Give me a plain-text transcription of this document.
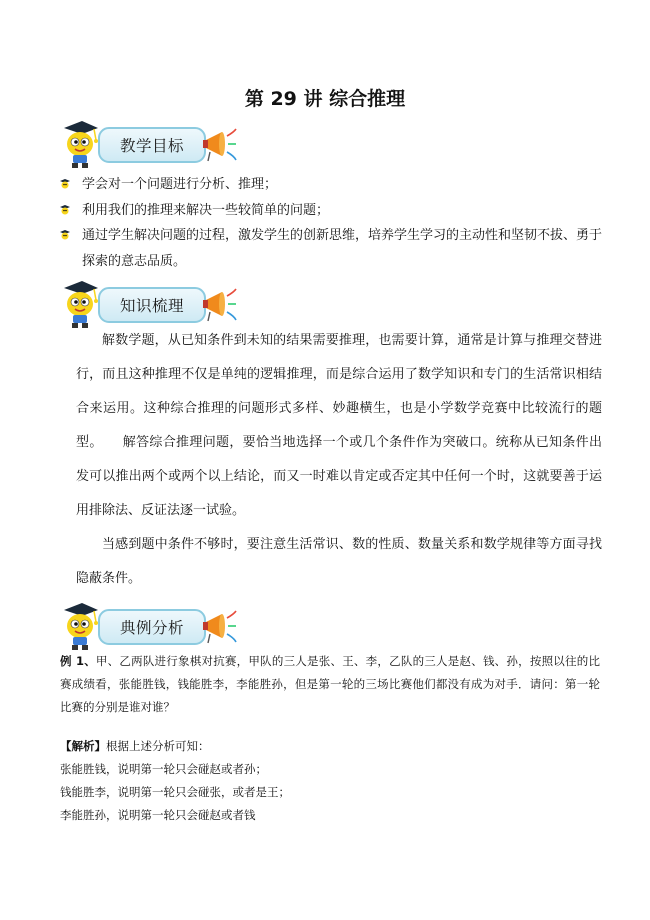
第 29 讲 综合推理
教学目标
学会对一个问题进行分析、推理；
利用我们的推理来解决一些较简单的问题；
通过学生解决问题的过程，激发学生的创新思维，培养学生学习的主动性和坚韧不拔、勇于探索的意志品质。
知识梳理
解数学题，从已知条件到未知的结果需要推理，也需要计算，通常是计算与推理交替进行，而且这种推理不仅是单纯的逻辑推理，而是综合运用了数学知识和专门的生活常识相结合来运用。这种综合推理的问题形式多样、妙趣横生，也是小学数学竞赛中比较流行的题型。　　解答综合推理问题，要恰当地选择一个或几个条件作为突破口。统称从已知条件出发可以推出两个或两个以上结论，而又一时难以肯定或否定其中任何一个时，这就要善于运用排除法、反证法逐一试验。
当感到题中条件不够时，要注意生活常识、数的性质、数量关系和数学规律等方面寻找隐蔽条件。
典例分析
例 1、甲、乙两队进行象棋对抗赛，甲队的三人是张、王、李，乙队的三人是赵、钱、孙，按照以往的比赛成绩看，张能胜钱，钱能胜李，李能胜孙，但是第一轮的三场比赛他们都没有成为对手．请问：第一轮比赛的分别是谁对谁？
【解析】根据上述分析可知：
张能胜钱，说明第一轮只会碰赵或者孙；
钱能胜李，说明第一轮只会碰张，或者是王；
李能胜孙，说明第一轮只会碰赵或者钱
